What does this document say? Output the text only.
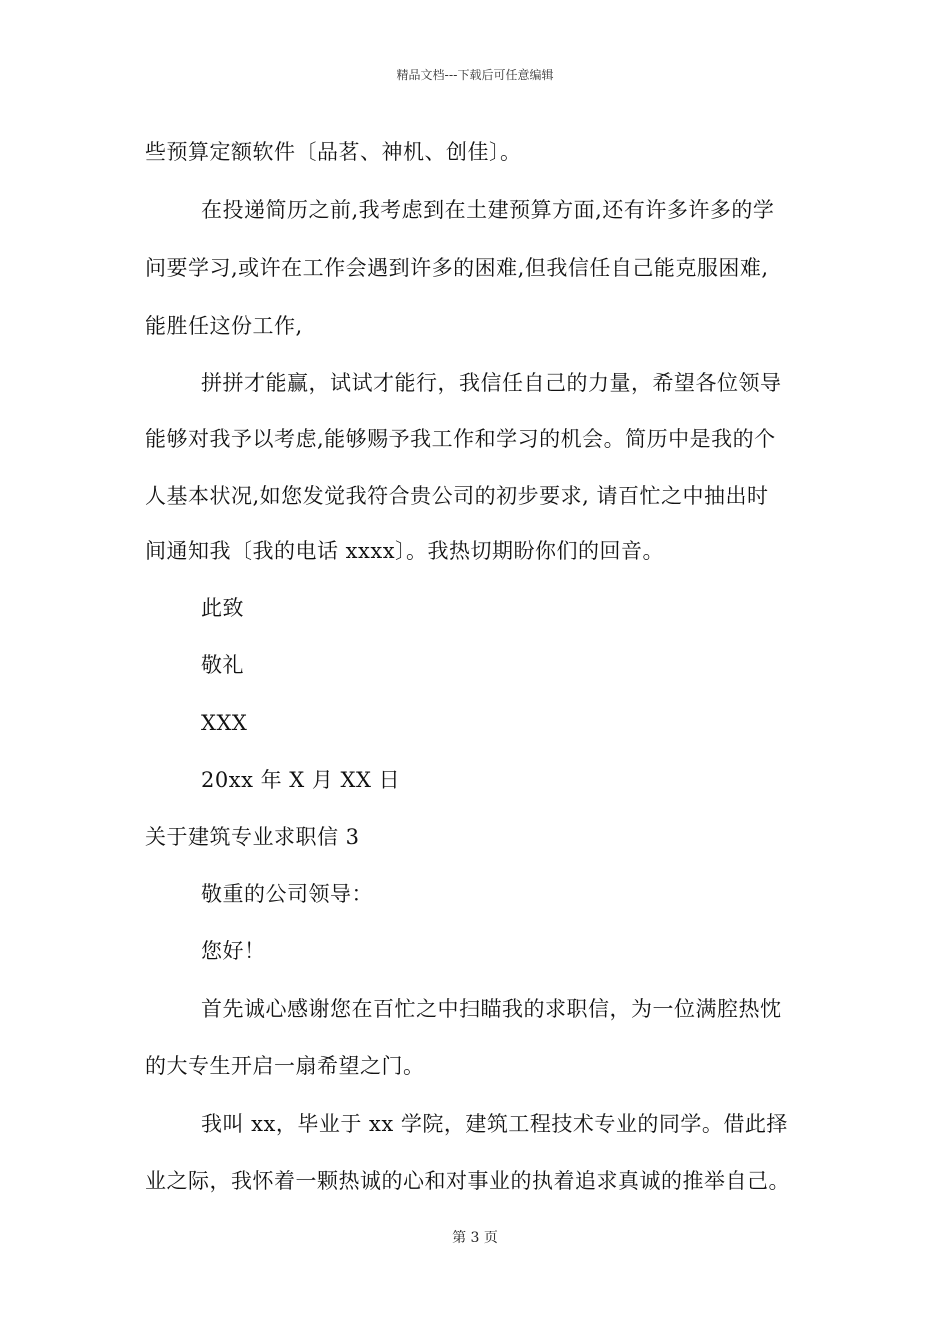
精品文档---下载后可任意编辑
些预算定额软件〔品茗、神机、创佳〕。
在投递简历之前,我考虑到在土建预算方面,还有许多许多的学
问要学习,或许在工作会遇到许多的困难,但我信任自己能克服困难,
能胜任这份工作,
拼拼才能赢，试试才能行，我信任自己的力量，希望各位领导
能够对我予以考虑,能够赐予我工作和学习的机会。简历中是我的个
人基本状况,如您发觉我符合贵公司的初步要求, 请百忙之中抽出时
间通知我〔我的电话 xxxx〕。我热切期盼你们的回音。
此致
敬礼
XXX
20xx 年 X 月 XX 日
关于建筑专业求职信 3
敬重的公司领导：
您好！
首先诚心感谢您在百忙之中扫瞄我的求职信，为一位满腔热忱
的大专生开启一扇希望之门。
我叫 xx，毕业于 xx 学院，建筑工程技术专业的同学。借此择
业之际，我怀着一颗热诚的心和对事业的执着追求真诚的推举自己。
第 3 页
